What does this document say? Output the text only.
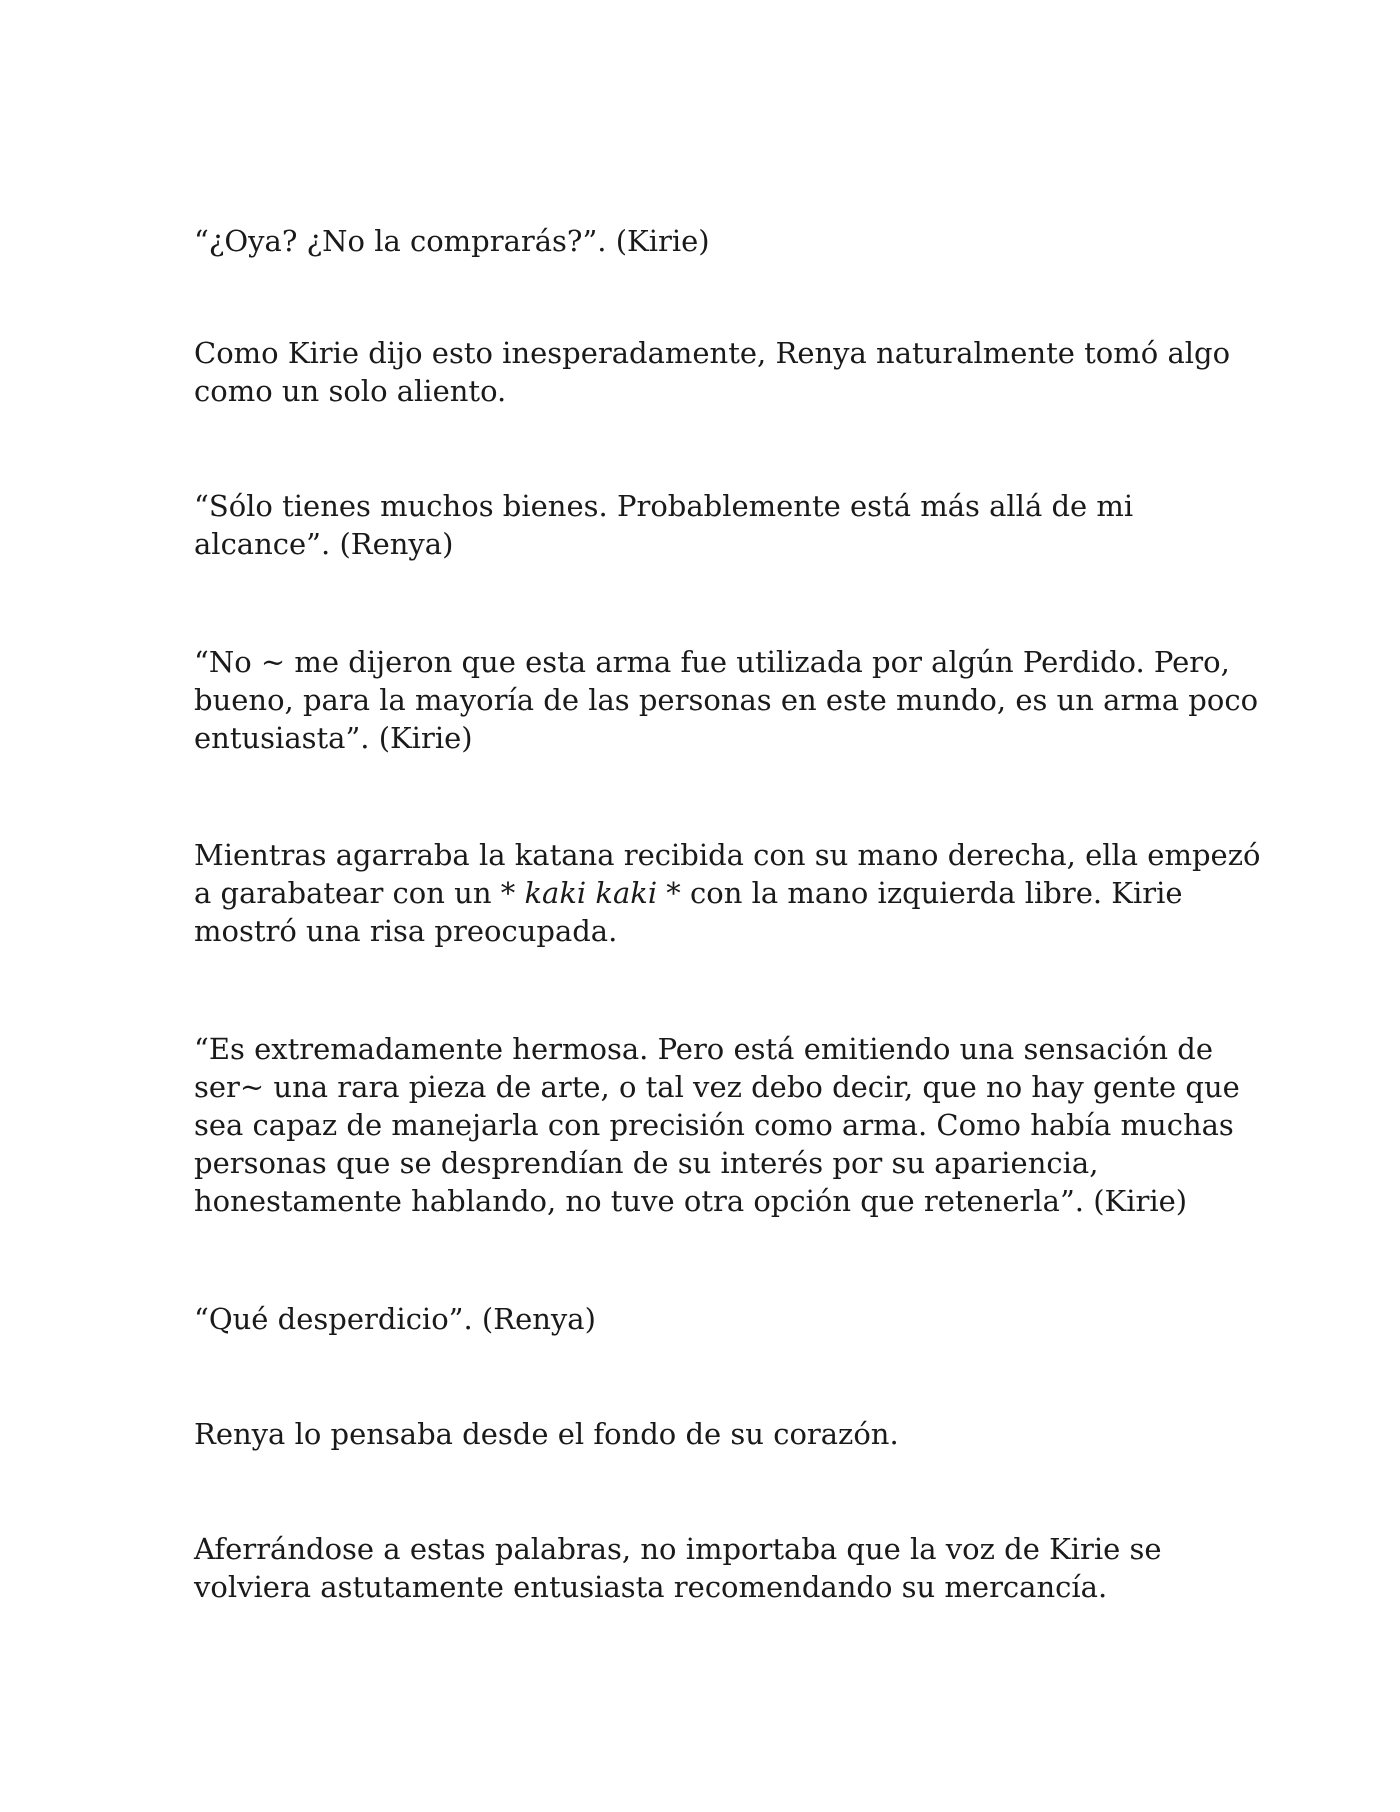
“¿Oya? ¿No la comprarás?”. (Kirie)

Como Kirie dijo esto inesperadamente, Renya naturalmente tomó algo
como un solo aliento.

“Sólo tienes muchos bienes. Probablemente está más allá de mi
alcance”. (Renya)

“No ~ me dijeron que esta arma fue utilizada por algún Perdido. Pero,
bueno, para la mayoría de las personas en este mundo, es un arma poco
entusiasta”. (Kirie)

Mientras agarraba la katana recibida con su mano derecha, ella empezó
a garabatear con un * kaki kaki * con la mano izquierda libre. Kirie
mostró una risa preocupada.

“Es extremadamente hermosa. Pero está emitiendo una sensación de
ser~ una rara pieza de arte, o tal vez debo decir, que no hay gente que
sea capaz de manejarla con precisión como arma. Como había muchas
personas que se desprendían de su interés por su apariencia,
honestamente hablando, no tuve otra opción que retenerla”. (Kirie)

“Qué desperdicio”. (Renya)

Renya lo pensaba desde el fondo de su corazón.

Aferrándose a estas palabras, no importaba que la voz de Kirie se
volviera astutamente entusiasta recomendando su mercancía.
